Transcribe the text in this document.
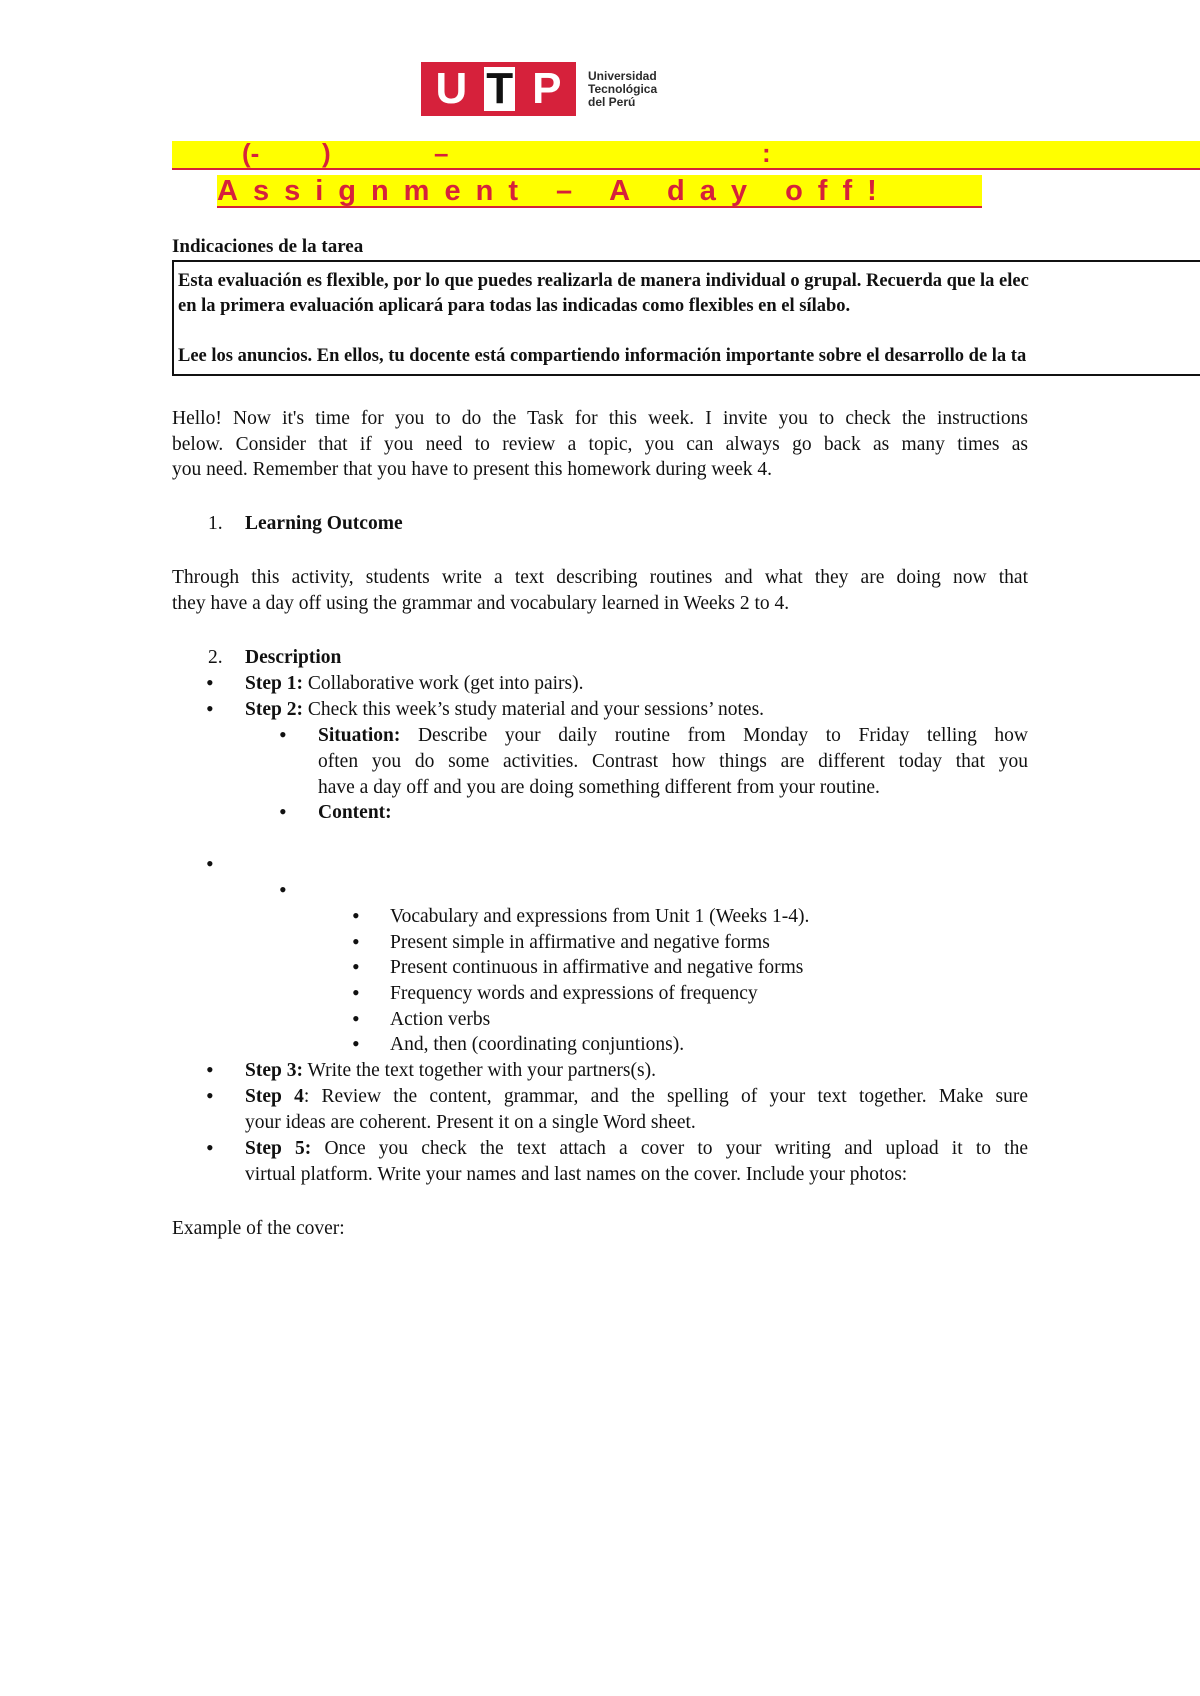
U T P Universidad
Tecnológica
del Perú
(- )	–	:
Assignment – A day off!
Indicaciones de la tarea
Esta evaluación es flexible, por lo que puedes realizarla de manera individual o grupal. Recuerda que la elec
en la primera evaluación aplicará para todas las indicadas como flexibles en el sílabo.
Lee los anuncios. En ellos, tu docente está compartiendo información importante sobre el desarrollo de la ta
Hello! Now it's time for you to do the Task for this week. I invite you to check the instructions
below. Consider that if you need to review a topic, you can always go back as many times as
you need. Remember that you have to present this homework during week 4.
1. Learning Outcome
Through this activity, students write a text describing routines and what they are doing now that
they have a day off using the grammar and vocabulary learned in Weeks 2 to 4.
2. Description
• Step 1: Collaborative work (get into pairs).
• Step 2: Check this week’s study material and your sessions’ notes.
• Situation: Describe your daily routine from Monday to Friday telling how
often you do some activities. Contrast how things are different today that you
have a day off and you are doing something different from your routine.
• Content:
•
•
• Vocabulary and expressions from Unit 1 (Weeks 1-4).
• Present simple in affirmative and negative forms
• Present continuous in affirmative and negative forms
• Frequency words and expressions of frequency
• Action verbs
• And, then (coordinating conjuntions).
• Step 3: Write the text together with your partners(s).
• Step 4: Review the content, grammar, and the spelling of your text together. Make sure
your ideas are coherent. Present it on a single Word sheet.
• Step 5: Once you check the text attach a cover to your writing and upload it to the
virtual platform. Write your names and last names on the cover. Include your photos:
Example of the cover:
